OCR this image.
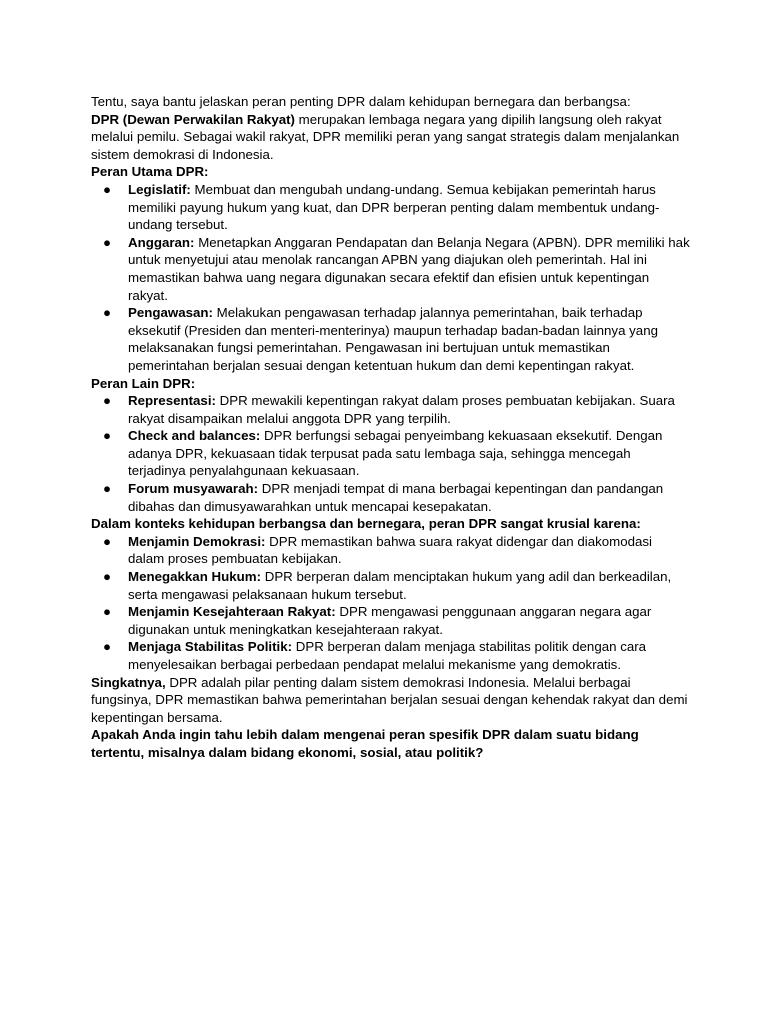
Tentu, saya bantu jelaskan peran penting DPR dalam kehidupan bernegara dan berbangsa:

DPR (Dewan Perwakilan Rakyat) merupakan lembaga negara yang dipilih langsung oleh rakyat melalui pemilu. Sebagai wakil rakyat, DPR memiliki peran yang sangat strategis dalam menjalankan sistem demokrasi di Indonesia.

Peran Utama DPR:

● Legislatif: Membuat dan mengubah undang-undang. Semua kebijakan pemerintah harus memiliki payung hukum yang kuat, dan DPR berperan penting dalam membentuk undang-undang tersebut.
● Anggaran: Menetapkan Anggaran Pendapatan dan Belanja Negara (APBN). DPR memiliki hak untuk menyetujui atau menolak rancangan APBN yang diajukan oleh pemerintah. Hal ini memastikan bahwa uang negara digunakan secara efektif dan efisien untuk kepentingan rakyat.
● Pengawasan: Melakukan pengawasan terhadap jalannya pemerintahan, baik terhadap eksekutif (Presiden dan menteri-menterinya) maupun terhadap badan-badan lainnya yang melaksanakan fungsi pemerintahan. Pengawasan ini bertujuan untuk memastikan pemerintahan berjalan sesuai dengan ketentuan hukum dan demi kepentingan rakyat.

Peran Lain DPR:

● Representasi: DPR mewakili kepentingan rakyat dalam proses pembuatan kebijakan. Suara rakyat disampaikan melalui anggota DPR yang terpilih.
● Check and balances: DPR berfungsi sebagai penyeimbang kekuasaan eksekutif. Dengan adanya DPR, kekuasaan tidak terpusat pada satu lembaga saja, sehingga mencegah terjadinya penyalahgunaan kekuasaan.
● Forum musyawarah: DPR menjadi tempat di mana berbagai kepentingan dan pandangan dibahas dan dimusyawarahkan untuk mencapai kesepakatan.

Dalam konteks kehidupan berbangsa dan bernegara, peran DPR sangat krusial karena:

● Menjamin Demokrasi: DPR memastikan bahwa suara rakyat didengar dan diakomodasi dalam proses pembuatan kebijakan.
● Menegakkan Hukum: DPR berperan dalam menciptakan hukum yang adil dan berkeadilan, serta mengawasi pelaksanaan hukum tersebut.
● Menjamin Kesejahteraan Rakyat: DPR mengawasi penggunaan anggaran negara agar digunakan untuk meningkatkan kesejahteraan rakyat.
● Menjaga Stabilitas Politik: DPR berperan dalam menjaga stabilitas politik dengan cara menyelesaikan berbagai perbedaan pendapat melalui mekanisme yang demokratis.

Singkatnya, DPR adalah pilar penting dalam sistem demokrasi Indonesia. Melalui berbagai fungsinya, DPR memastikan bahwa pemerintahan berjalan sesuai dengan kehendak rakyat dan demi kepentingan bersama.

Apakah Anda ingin tahu lebih dalam mengenai peran spesifik DPR dalam suatu bidang tertentu, misalnya dalam bidang ekonomi, sosial, atau politik?
